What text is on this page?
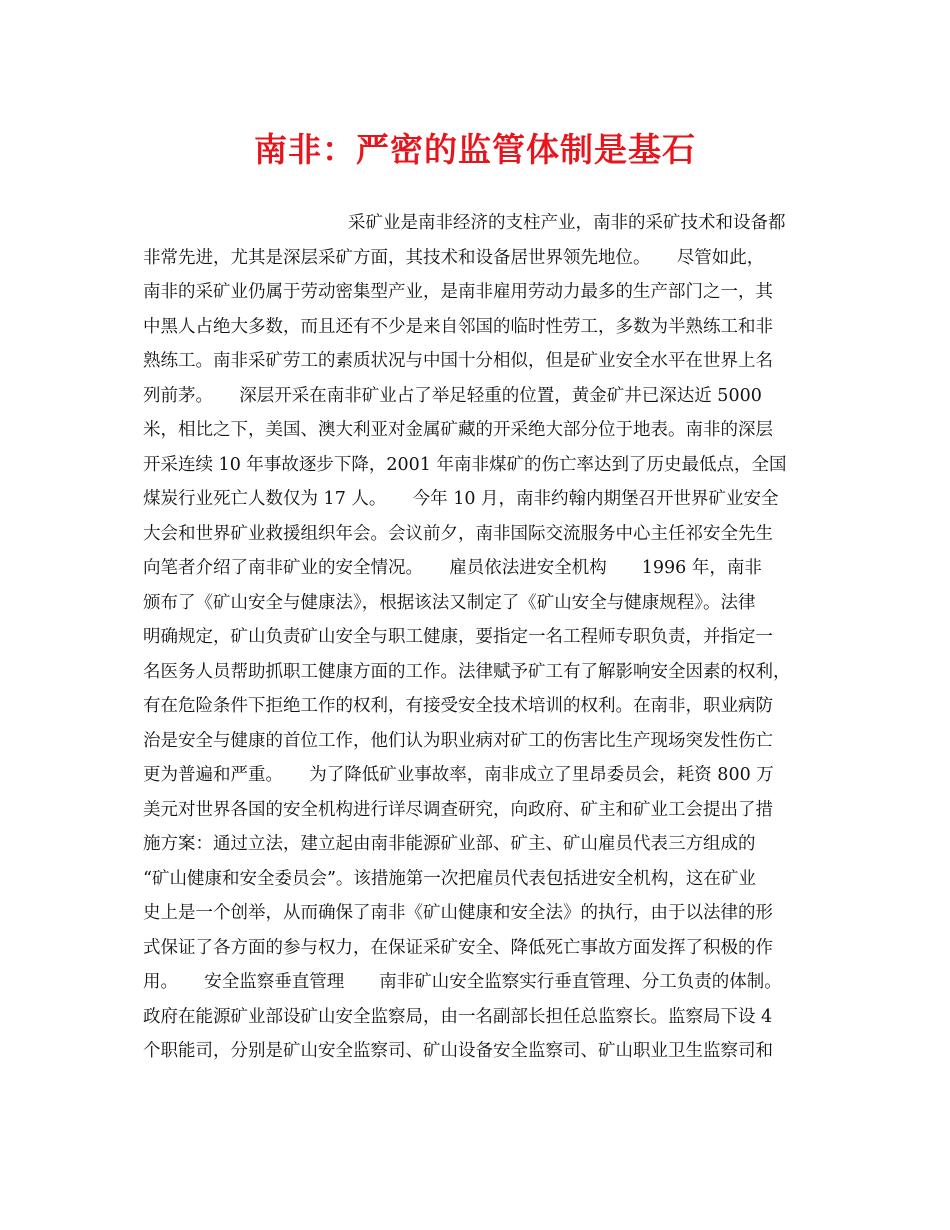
南非：严密的监管体制是基石
采矿业是南非经济的支柱产业，南非的采矿技术和设备都
非常先进，尤其是深层采矿方面，其技术和设备居世界领先地位。　　尽管如此，
南非的采矿业仍属于劳动密集型产业，是南非雇用劳动力最多的生产部门之一，其
中黑人占绝大多数，而且还有不少是来自邻国的临时性劳工，多数为半熟练工和非
熟练工。南非采矿劳工的素质状况与中国十分相似，但是矿业安全水平在世界上名
列前茅。　　深层开采在南非矿业占了举足轻重的位置，黄金矿井已深达近 5000
米，相比之下，美国、澳大利亚对金属矿藏的开采绝大部分位于地表。南非的深层
开采连续 10 年事故逐步下降，2001 年南非煤矿的伤亡率达到了历史最低点，全国
煤炭行业死亡人数仅为 17 人。　　今年 10 月，南非约翰内期堡召开世界矿业安全
大会和世界矿业救援组织年会。会议前夕，南非国际交流服务中心主任祁安全先生
向笔者介绍了南非矿业的安全情况。　　雇员依法进安全机构　　1996 年，南非
颁布了《矿山安全与健康法》，根据该法又制定了《矿山安全与健康规程》。法律
明确规定，矿山负责矿山安全与职工健康，要指定一名工程师专职负责，并指定一
名医务人员帮助抓职工健康方面的工作。法律赋予矿工有了解影响安全因素的权利，
有在危险条件下拒绝工作的权利，有接受安全技术培训的权利。在南非，职业病防
治是安全与健康的首位工作，他们认为职业病对矿工的伤害比生产现场突发性伤亡
更为普遍和严重。　　为了降低矿业事故率，南非成立了里昂委员会，耗资 800 万
美元对世界各国的安全机构进行详尽调查研究，向政府、矿主和矿业工会提出了措
施方案：通过立法，建立起由南非能源矿业部、矿主、矿山雇员代表三方组成的
“矿山健康和安全委员会”。该措施第一次把雇员代表包括进安全机构，这在矿业
史上是一个创举，从而确保了南非《矿山健康和安全法》的执行，由于以法律的形
式保证了各方面的参与权力，在保证采矿安全、降低死亡事故方面发挥了积极的作
用。　　安全监察垂直管理　　南非矿山安全监察实行垂直管理、分工负责的体制。
政府在能源矿业部设矿山安全监察局，由一名副部长担任总监察长。监察局下设 4
个职能司，分别是矿山安全监察司、矿山设备安全监察司、矿山职业卫生监察司和
